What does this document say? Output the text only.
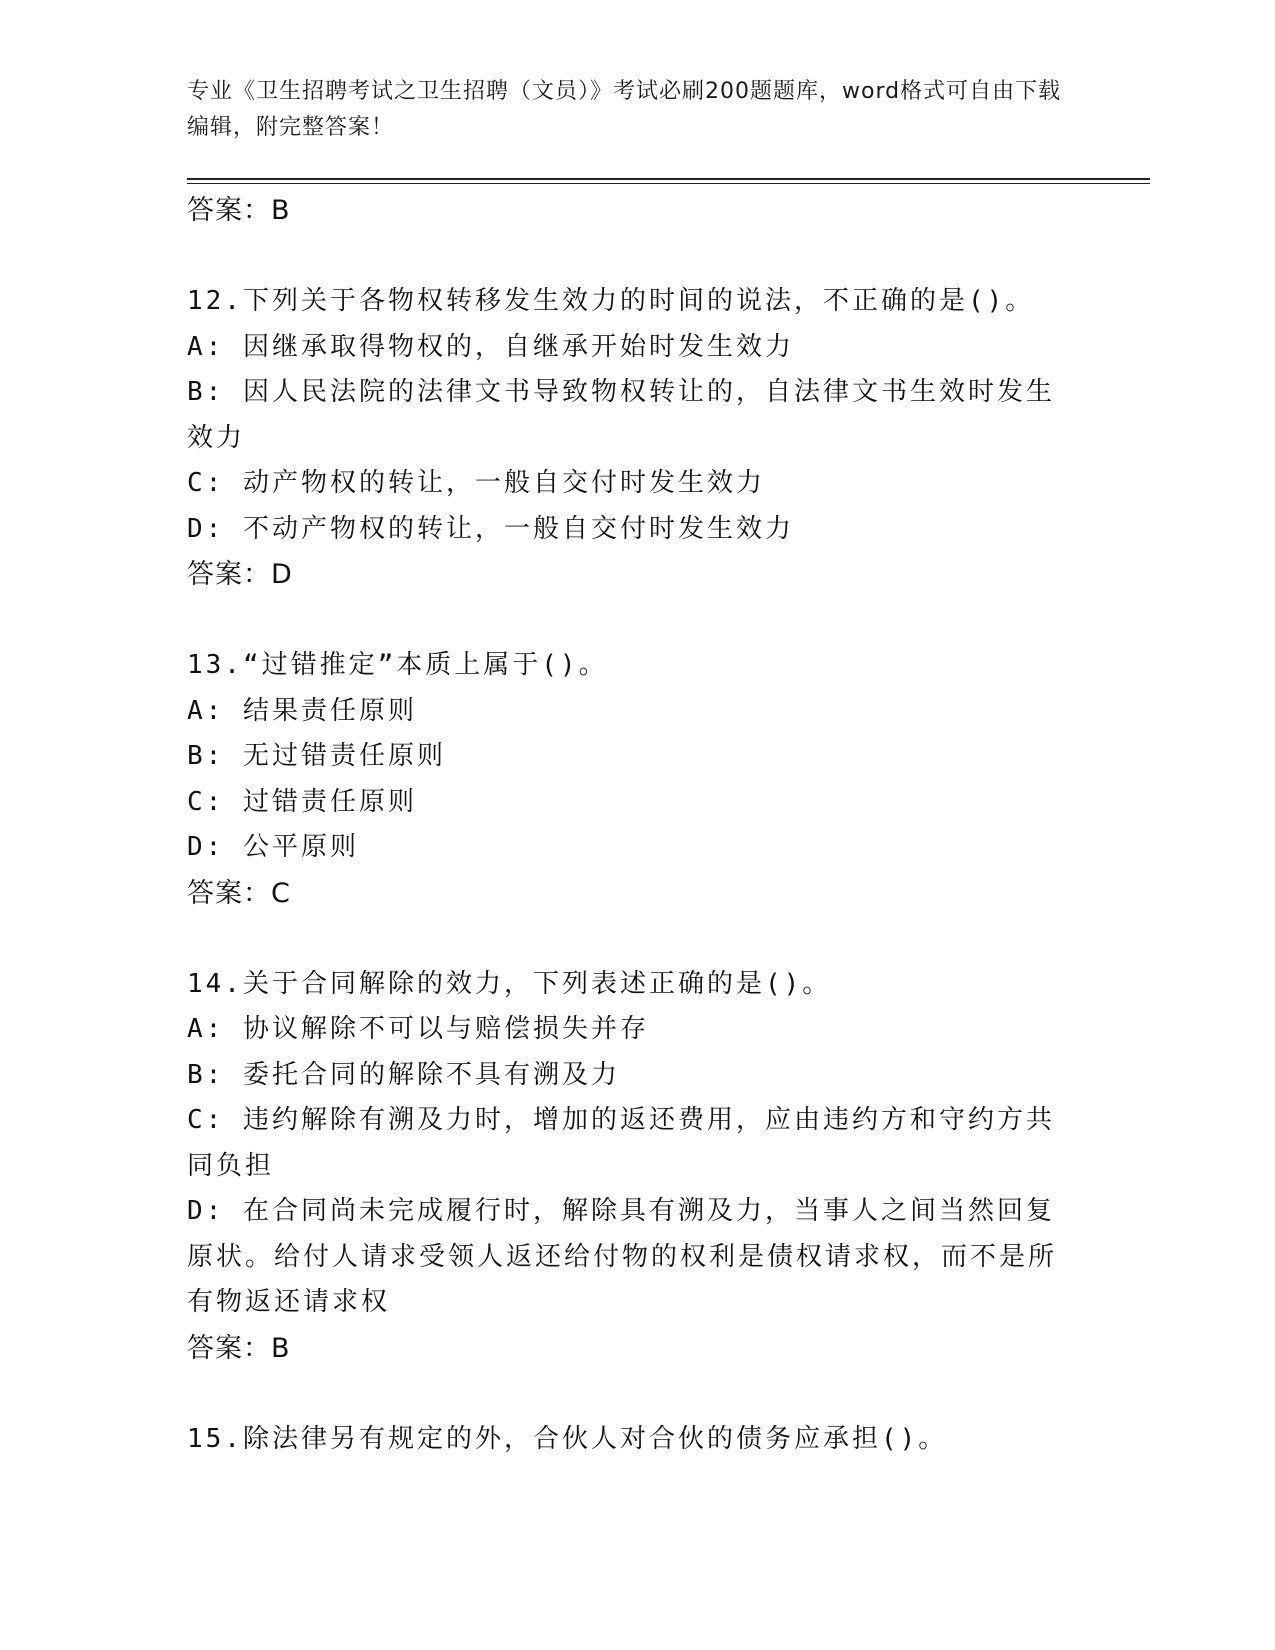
专业《卫生招聘考试之卫生招聘（文员）》考试必刷200题题库，word格式可自由下载编辑，附完整答案！
答案：B
12.下列关于各物权转移发生效力的时间的说法，不正确的是()。
A: 因继承取得物权的，自继承开始时发生效力
B: 因人民法院的法律文书导致物权转让的，自法律文书生效时发生效力
C: 动产物权的转让，一般自交付时发生效力
D: 不动产物权的转让，一般自交付时发生效力
答案：D
13.“过错推定”本质上属于()。
A: 结果责任原则
B: 无过错责任原则
C: 过错责任原则
D: 公平原则
答案：C
14.关于合同解除的效力，下列表述正确的是()。
A: 协议解除不可以与赔偿损失并存
B: 委托合同的解除不具有溯及力
C: 违约解除有溯及力时，增加的返还费用，应由违约方和守约方共同负担
D: 在合同尚未完成履行时，解除具有溯及力，当事人之间当然回复原状。给付人请求受领人返还给付物的权利是债权请求权，而不是所有物返还请求权
答案：B
15.除法律另有规定的外，合伙人对合伙的债务应承担()。
